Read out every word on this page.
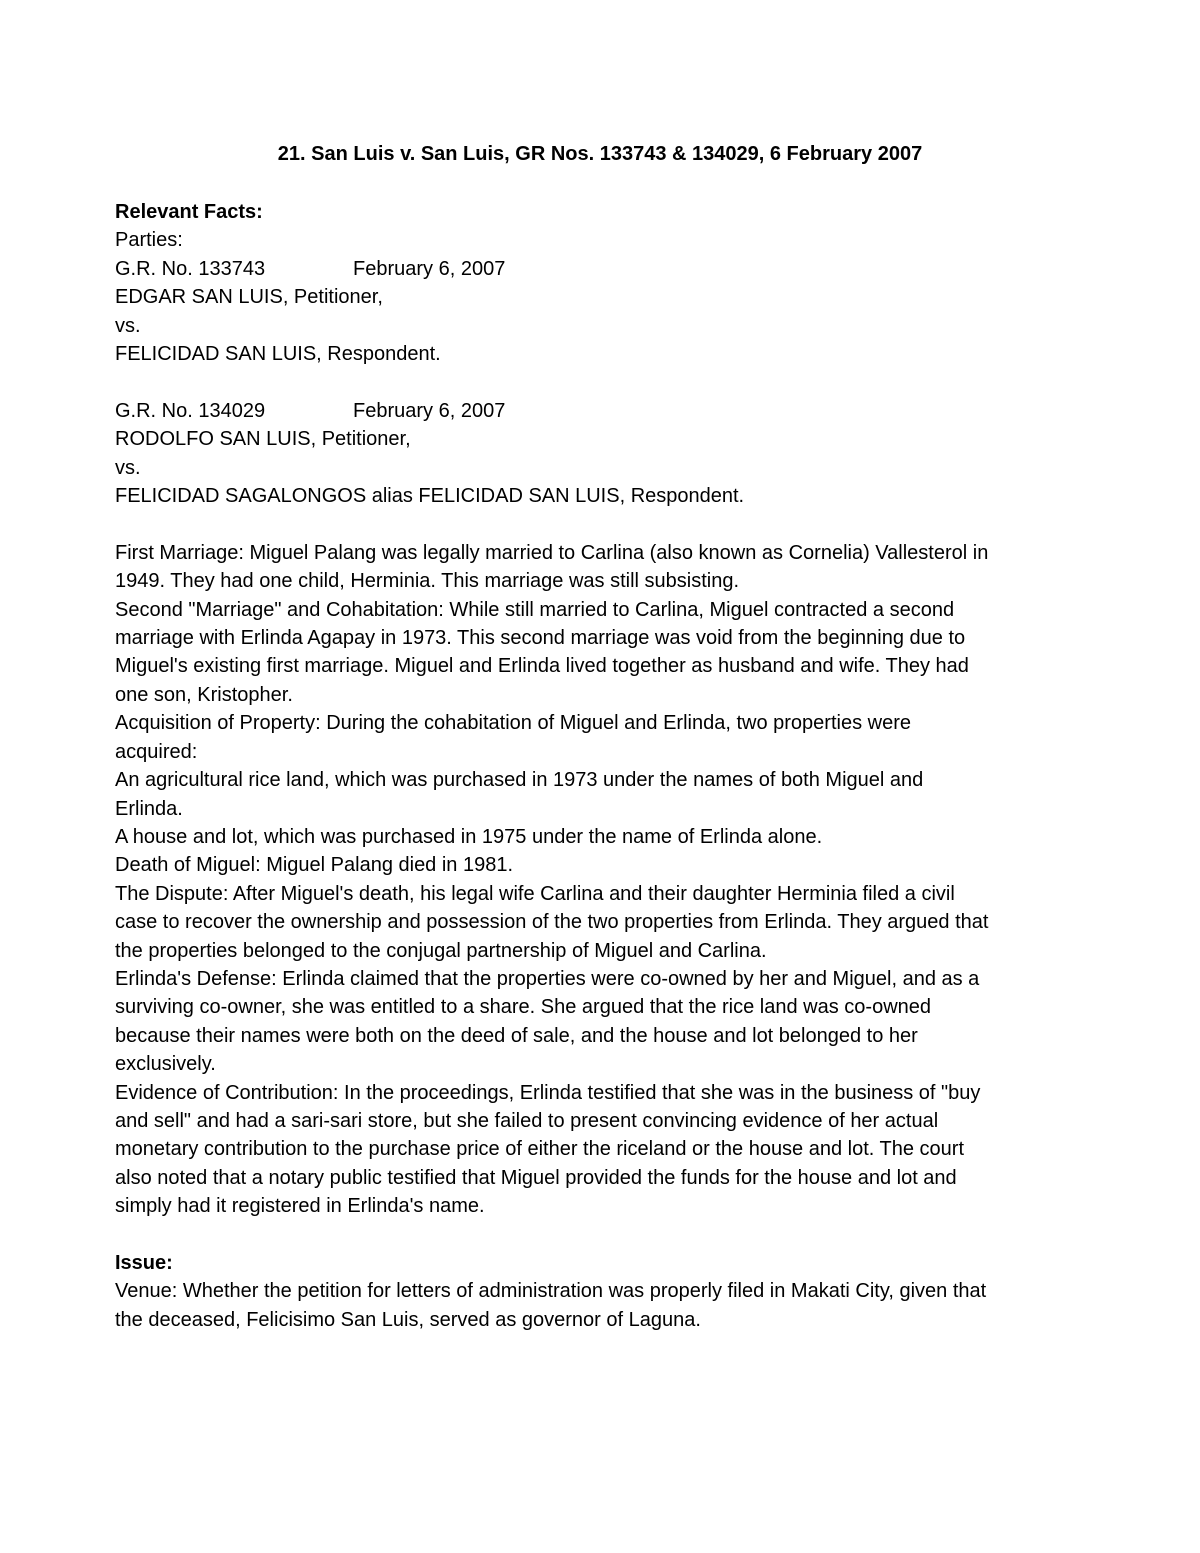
21. San Luis v. San Luis, GR Nos. 133743 & 134029, 6 February 2007
Relevant Facts:
Parties:
G.R. No. 133743	February 6, 2007
EDGAR SAN LUIS, Petitioner,
vs.
FELICIDAD SAN LUIS, Respondent.
G.R. No. 134029	February 6, 2007
RODOLFO SAN LUIS, Petitioner,
vs.
FELICIDAD SAGALONGOS alias FELICIDAD SAN LUIS, Respondent.
First Marriage: Miguel Palang was legally married to Carlina (also known as Cornelia) Vallesterol in
1949. They had one child, Herminia. This marriage was still subsisting.
Second "Marriage" and Cohabitation: While still married to Carlina, Miguel contracted a second
marriage with Erlinda Agapay in 1973. This second marriage was void from the beginning due to
Miguel's existing first marriage. Miguel and Erlinda lived together as husband and wife. They had
one son, Kristopher.
Acquisition of Property: During the cohabitation of Miguel and Erlinda, two properties were
acquired:
An agricultural rice land, which was purchased in 1973 under the names of both Miguel and
Erlinda.
A house and lot, which was purchased in 1975 under the name of Erlinda alone.
Death of Miguel: Miguel Palang died in 1981.
The Dispute: After Miguel's death, his legal wife Carlina and their daughter Herminia filed a civil
case to recover the ownership and possession of the two properties from Erlinda. They argued that
the properties belonged to the conjugal partnership of Miguel and Carlina.
Erlinda's Defense: Erlinda claimed that the properties were co-owned by her and Miguel, and as a
surviving co-owner, she was entitled to a share. She argued that the rice land was co-owned
because their names were both on the deed of sale, and the house and lot belonged to her
exclusively.
Evidence of Contribution: In the proceedings, Erlinda testified that she was in the business of "buy
and sell" and had a sari-sari store, but she failed to present convincing evidence of her actual
monetary contribution to the purchase price of either the riceland or the house and lot. The court
also noted that a notary public testified that Miguel provided the funds for the house and lot and
simply had it registered in Erlinda's name.
Issue:
Venue: Whether the petition for letters of administration was properly filed in Makati City, given that
the deceased, Felicisimo San Luis, served as governor of Laguna.
